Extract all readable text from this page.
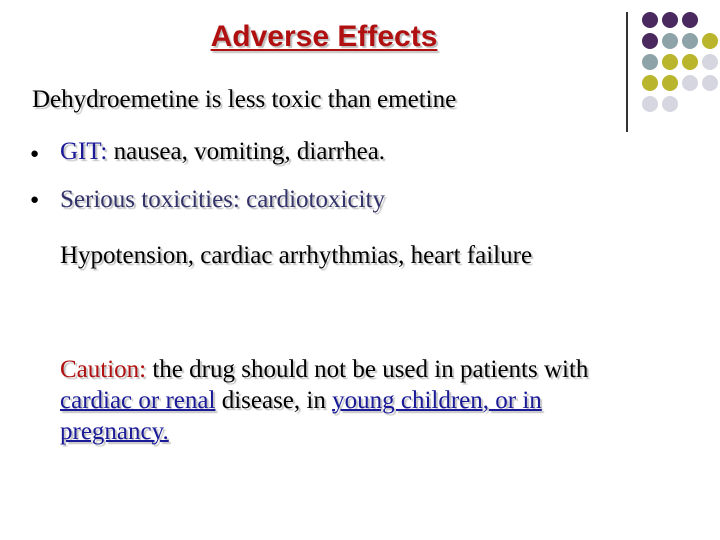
Adverse Effects
Dehydroemetine is less toxic than emetine
● GIT: nausea, vomiting, diarrhea.
● Serious toxicities: cardiotoxicity
Hypotension, cardiac arrhythmias, heart failure
Caution: the drug should not be used in patients with cardiac or renal disease, in young children, or in pregnancy.
